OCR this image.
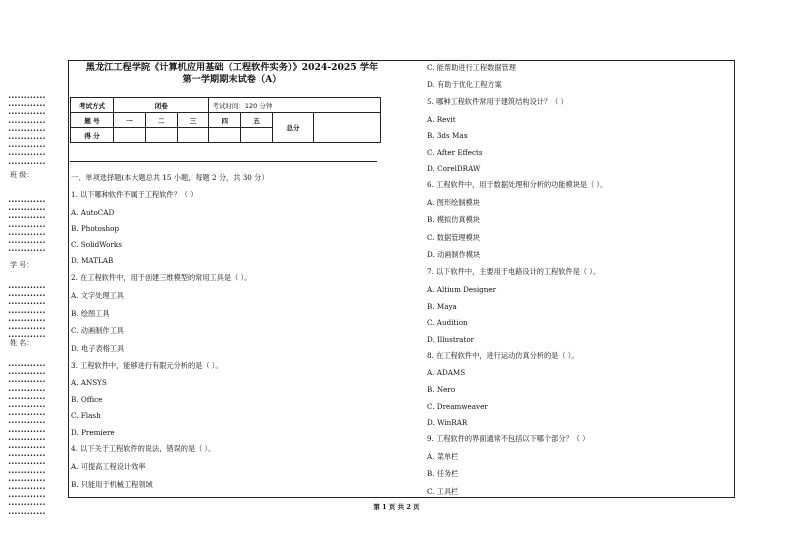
••••••••••••
••••••••••••
••••••••••••
••••••••••••
••••••••••••
••••••••••••
••••••••••••
••••••••••••
••••••••••••
班 级：
••••••••••••
••••••••••••
••••••••••••
••••••••••••
••••••••••••
••••••••••••
••••••••••••
学 号：
••••••••••••
••••••••••••
••••••••••••
••••••••••••
••••••••••••
••••••••••••
••••••••••••
姓 名：
••••••••••••
••••••••••••
••••••••••••
••••••••••••
••••••••••••
••••••••••••
••••••••••••
••••••••••••
••••••••••••
••••••••••••
••••••••••••
••••••••••••
••••••••••••
••••••••••••
••••••••••••
••••••••••••
••••••••••••
••••••••••••
••••••••••••
黑龙江工程学院《计算机应用基础（工程软件实务）》2024-2025 学年
第一学期期末试卷（A）
考试方式	闭卷			考试时间：120 分钟			
题 号	一	二	三	四	五	总分	
得 分							
一、单项选择题(本大题总共 15 小题，每题 2 分，共 30 分）
1. 以下哪种软件不属于工程软件？（ ）
A. AutoCAD
B. Photoshop
C. SolidWorks
D. MATLAB
2. 在工程软件中，用于创建三维模型的常用工具是（ ）。
A. 文字处理工具
B. 绘图工具
C. 动画制作工具
D. 电子表格工具
3. 工程软件中，能够进行有限元分析的是（ ）。
A. ANSYS
B. Office
C. Flash
D. Premiere
4. 以下关于工程软件的说法，错误的是（ ）。
A. 可提高工程设计效率
B. 只能用于机械工程领域
C. 能帮助进行工程数据管理
D. 有助于优化工程方案
5. 哪种工程软件常用于建筑结构设计？（ ）
A. Revit
B. 3ds Max
C. After Effects
D. CorelDRAW
6. 工程软件中，用于数据处理和分析的功能模块是（ ）。
A. 图形绘制模块
B. 模拟仿真模块
C. 数据管理模块
D. 动画制作模块
7. 以下软件中，主要用于电路设计的工程软件是（ ）。
A. Altium Designer
B. Maya
C. Audition
D. Illustrator
8. 在工程软件中，进行运动仿真分析的是（ ）。
A. ADAMS
B. Nero
C. Dreamweaver
D. WinRAR
9. 工程软件的界面通常不包括以下哪个部分？（ ）
A. 菜单栏
B. 任务栏
C. 工具栏
第 1 页 共 2 页
